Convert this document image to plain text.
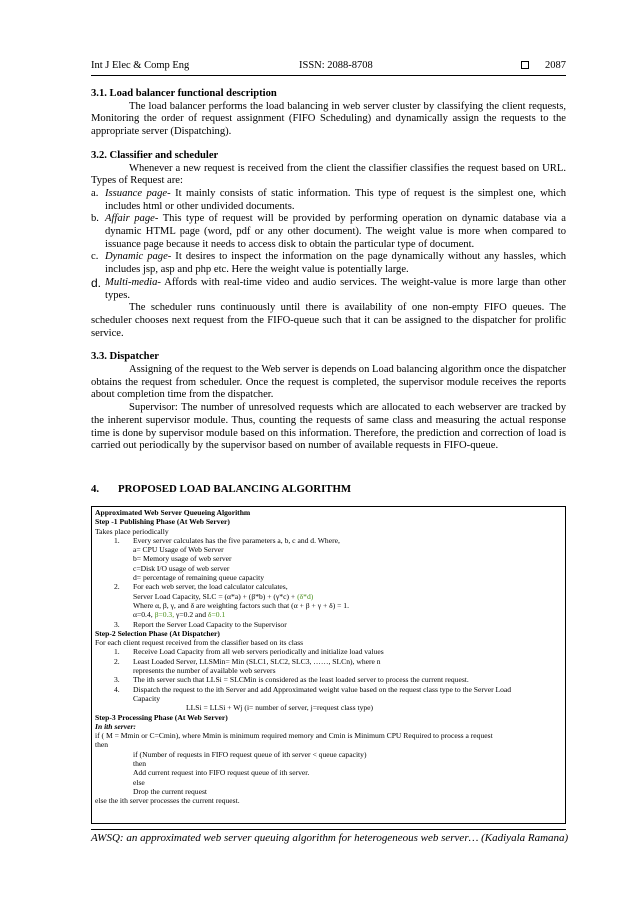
Int J Elec & Comp Eng	ISSN: 2088-8708	2087

3.1. Load balancer functional description

The load balancer performs the load balancing in web server cluster by classifying the client requests, Monitoring the order of request assignment (FIFO Scheduling) and dynamically assign the requests to the appropriate server (Dispatching).

3.2. Classifier and scheduler

Whenever a new request is received from the client the classifier classifies the request based on URL. Types of Request are:

a. Issuance page- It mainly consists of static information. This type of request is the simplest one, which includes html or other undivided documents.
b. Affair page- This type of request will be provided by performing operation on dynamic database via a dynamic HTML page (word, pdf or any other document). The weight value is more when compared to issuance page because it needs to access disk to obtain the particular type of document.
c. Dynamic page- It desires to inspect the information on the page dynamically without any hassles, which includes jsp, asp and php etc. Here the weight value is potentially large.
d. Multi-media- Affords with real-time video and audio services. The weight-value is more large than other types.

The scheduler runs continuously until there is availability of one non-empty FIFO queues. The scheduler chooses next request from the FIFO-queue such that it can be assigned to the dispatcher for prolific service.

3.3. Dispatcher

Assigning of the request to the Web server is depends on Load balancing algorithm once the dispatcher obtains the request from scheduler. Once the request is completed, the supervisor module receives the reports about completion time from the dispatcher.

Supervisor: The number of unresolved requests which are allocated to each webserver are tracked by the inherent supervisor module. Thus, counting the requests of same class and measuring the actual response time is done by supervisor module based on this information. Therefore, the prediction and correction of load is carried out periodically by the supervisor based on number of available requests in FIFO-queue.

4. PROPOSED LOAD BALANCING ALGORITHM
Approximated Web Server Queueing Algorithm
Step -1 Publishing Phase (At Web Server)
Takes place periodically
1. Every server calculates has the five parameters a, b, c and d. Where,
a= CPU Usage of Web Server
b= Memory usage of web server
c=Disk I/O usage of web server
d= percentage of remaining queue capacity
2. For each web server, the load calculator calculates,
Server Load Capacity, SLC = (α*a) + (β*b) + (γ*c) + (δ*d)
Where α, β, γ, and δ are weighting factors such that (α + β + γ + δ) = 1.
α=0.4, β=0.3, γ=0.2 and δ=0.1
3. Report the Server Load Capacity to the Supervisor
Step-2 Selection Phase (At Dispatcher)
For each client request received from the classifier based on its class
1. Receive Load Capacity from all web servers periodically and initialize load values
2. Least Loaded Server, LLSMin= Min (SLC1, SLC2, SLC3, ……, SLCn), where n
represents the number of available web servers
3. The ith server such that LLSi = SLCMin is considered as the least loaded server to process the current request.
4. Dispatch the request to the ith Server and add Approximated weight value based on the request class type to the Server Load
Capacity
LLSi = LLSi + Wj (i= number of server, j=request class type)
Step-3 Processing Phase (At Web Server)
In ith server:
if ( M = Mmin or C=Cmin), where Mmin is minimum required memory and Cmin is Minimum CPU Required to process a request
then
if (Number of requests in FIFO request queue of ith server < queue capacity)
then
Add current request into FIFO request queue of ith server.
else
Drop the current request
else the ith server processes the current request.
AWSQ: an approximated web server queuing algorithm for heterogeneous web server… (Kadiyala Ramana)
